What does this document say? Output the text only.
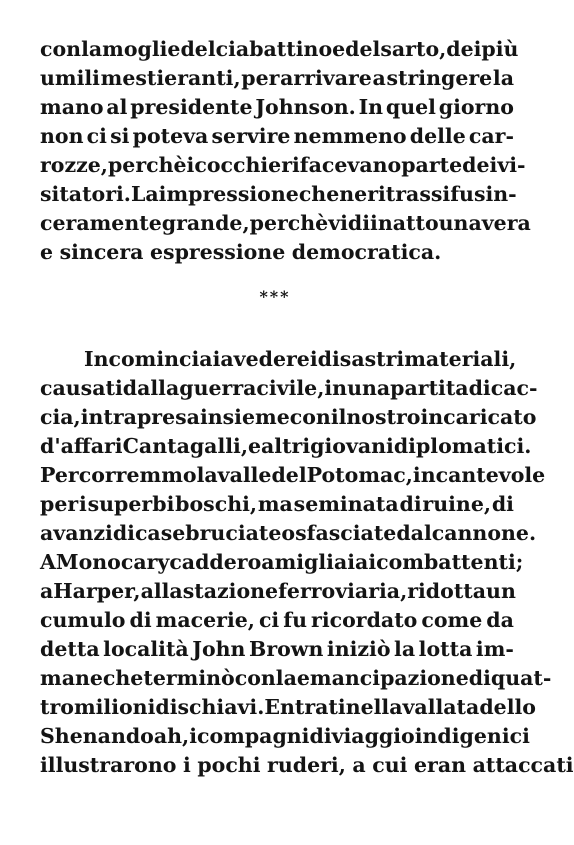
con la moglie del ciabattino e del sarto, dei più
umili mestieranti, per arrivare a stringere la
mano al presidente Johnson. In quel giorno
non ci si poteva servire nemmeno delle car-
rozze, perchè i cocchieri facevano parte dei vi-
sitatori. La impressione che ne ritrassi fu sin-
ceramente grande, perchè vidi in atto una vera
e sincera espressione democratica.
***
Incominciai a vedere i disastri materiali,
causati dalla guerra civile, in una partita di cac-
cia, intrapresa insieme con il nostro incaricato
d'affari Cantagalli, e altri giovani diplomatici.
Percorremmo la valle del Potomac, incantevole
per i superbi boschi, ma seminata di ruine, di
avanzi di case bruciate o sfasciate dal cannone.
A Monocary caddero a migliaia i combattenti;
a Harper, alla stazione ferroviaria, ridotta un
cumulo di macerie, ci fu ricordato come da
detta località John Brown iniziò la lotta im-
mane che terminò con la emancipazione di quat-
tro milioni di schiavi. Entrati nella vallata dello
Shenandoah, i compagni di viaggio indigeni ci
illustrarono i pochi ruderi, a cui eran attaccati
